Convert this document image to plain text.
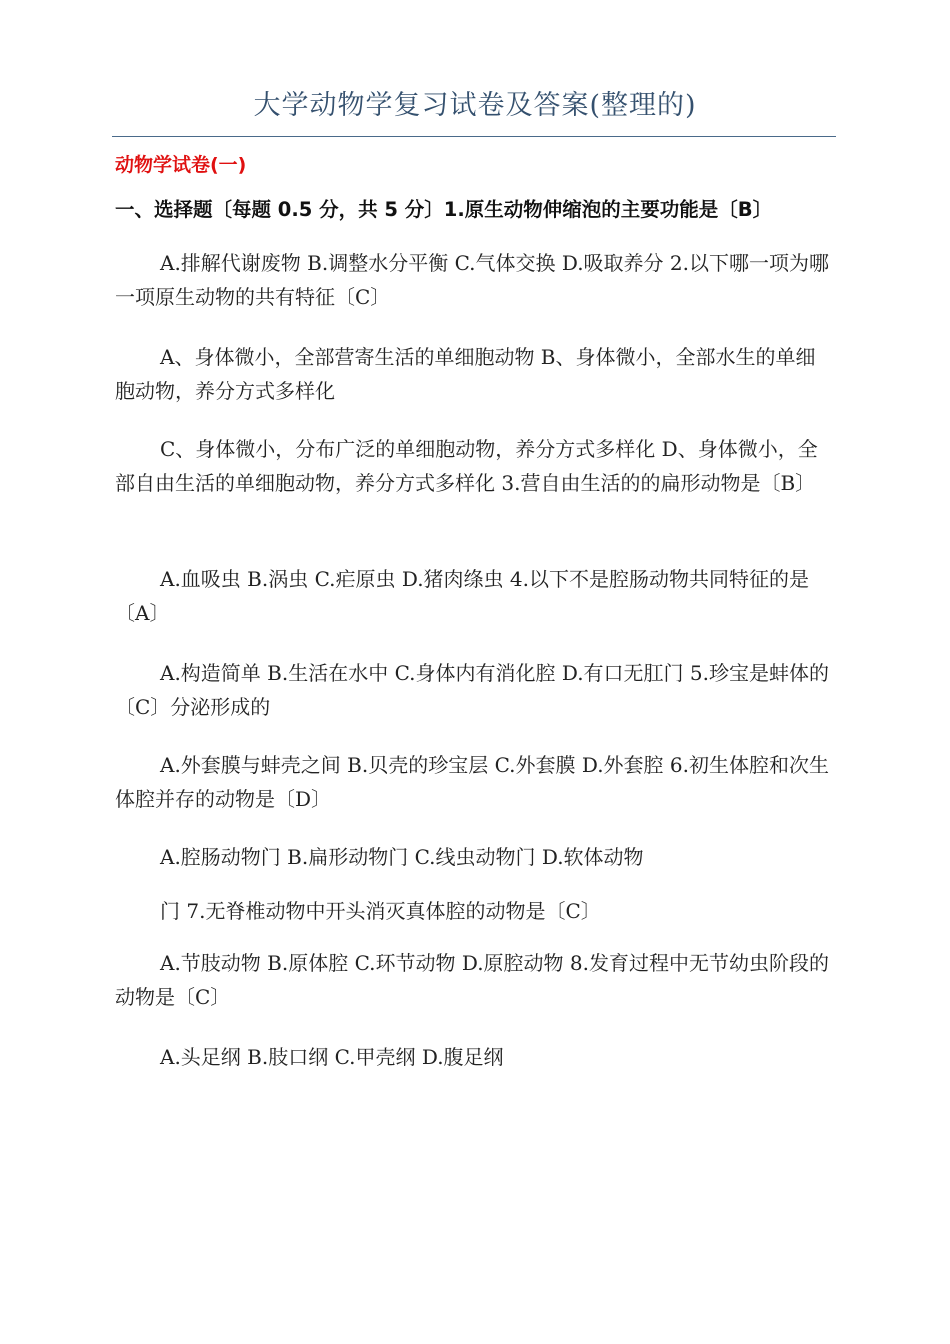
大学动物学复习试卷及答案(整理的)

动物学试卷(一)

一、选择题〔每题 0.5 分，共 5 分〕1.原生动物伸缩泡的主要功能是〔B〕

A.排解代谢废物 B.调整水分平衡 C.气体交换 D.吸取养分 2.以下哪一项为哪一项原生动物的共有特征〔C〕

A、身体微小，全部营寄生活的单细胞动物 B、身体微小，全部水生的单细胞动物，养分方式多样化

C、身体微小，分布广泛的单细胞动物，养分方式多样化 D、身体微小，全部自由生活的单细胞动物，养分方式多样化 3.营自由生活的的扁形动物是〔B〕

A.血吸虫 B.涡虫 C.疟原虫 D.猪肉绦虫 4.以下不是腔肠动物共同特征的是〔A〕

A.构造简单 B.生活在水中 C.身体内有消化腔 D.有口无肛门 5.珍宝是蚌体的〔C〕分泌形成的

A.外套膜与蚌壳之间 B.贝壳的珍宝层 C.外套膜 D.外套腔 6.初生体腔和次生体腔并存的动物是〔D〕

A.腔肠动物门 B.扁形动物门 C.线虫动物门 D.软体动物

门 7.无脊椎动物中开头消灭真体腔的动物是〔C〕

A.节肢动物 B.原体腔 C.环节动物 D.原腔动物 8.发育过程中无节幼虫阶段的动物是〔C〕

A.头足纲 B.肢口纲 C.甲壳纲 D.腹足纲
